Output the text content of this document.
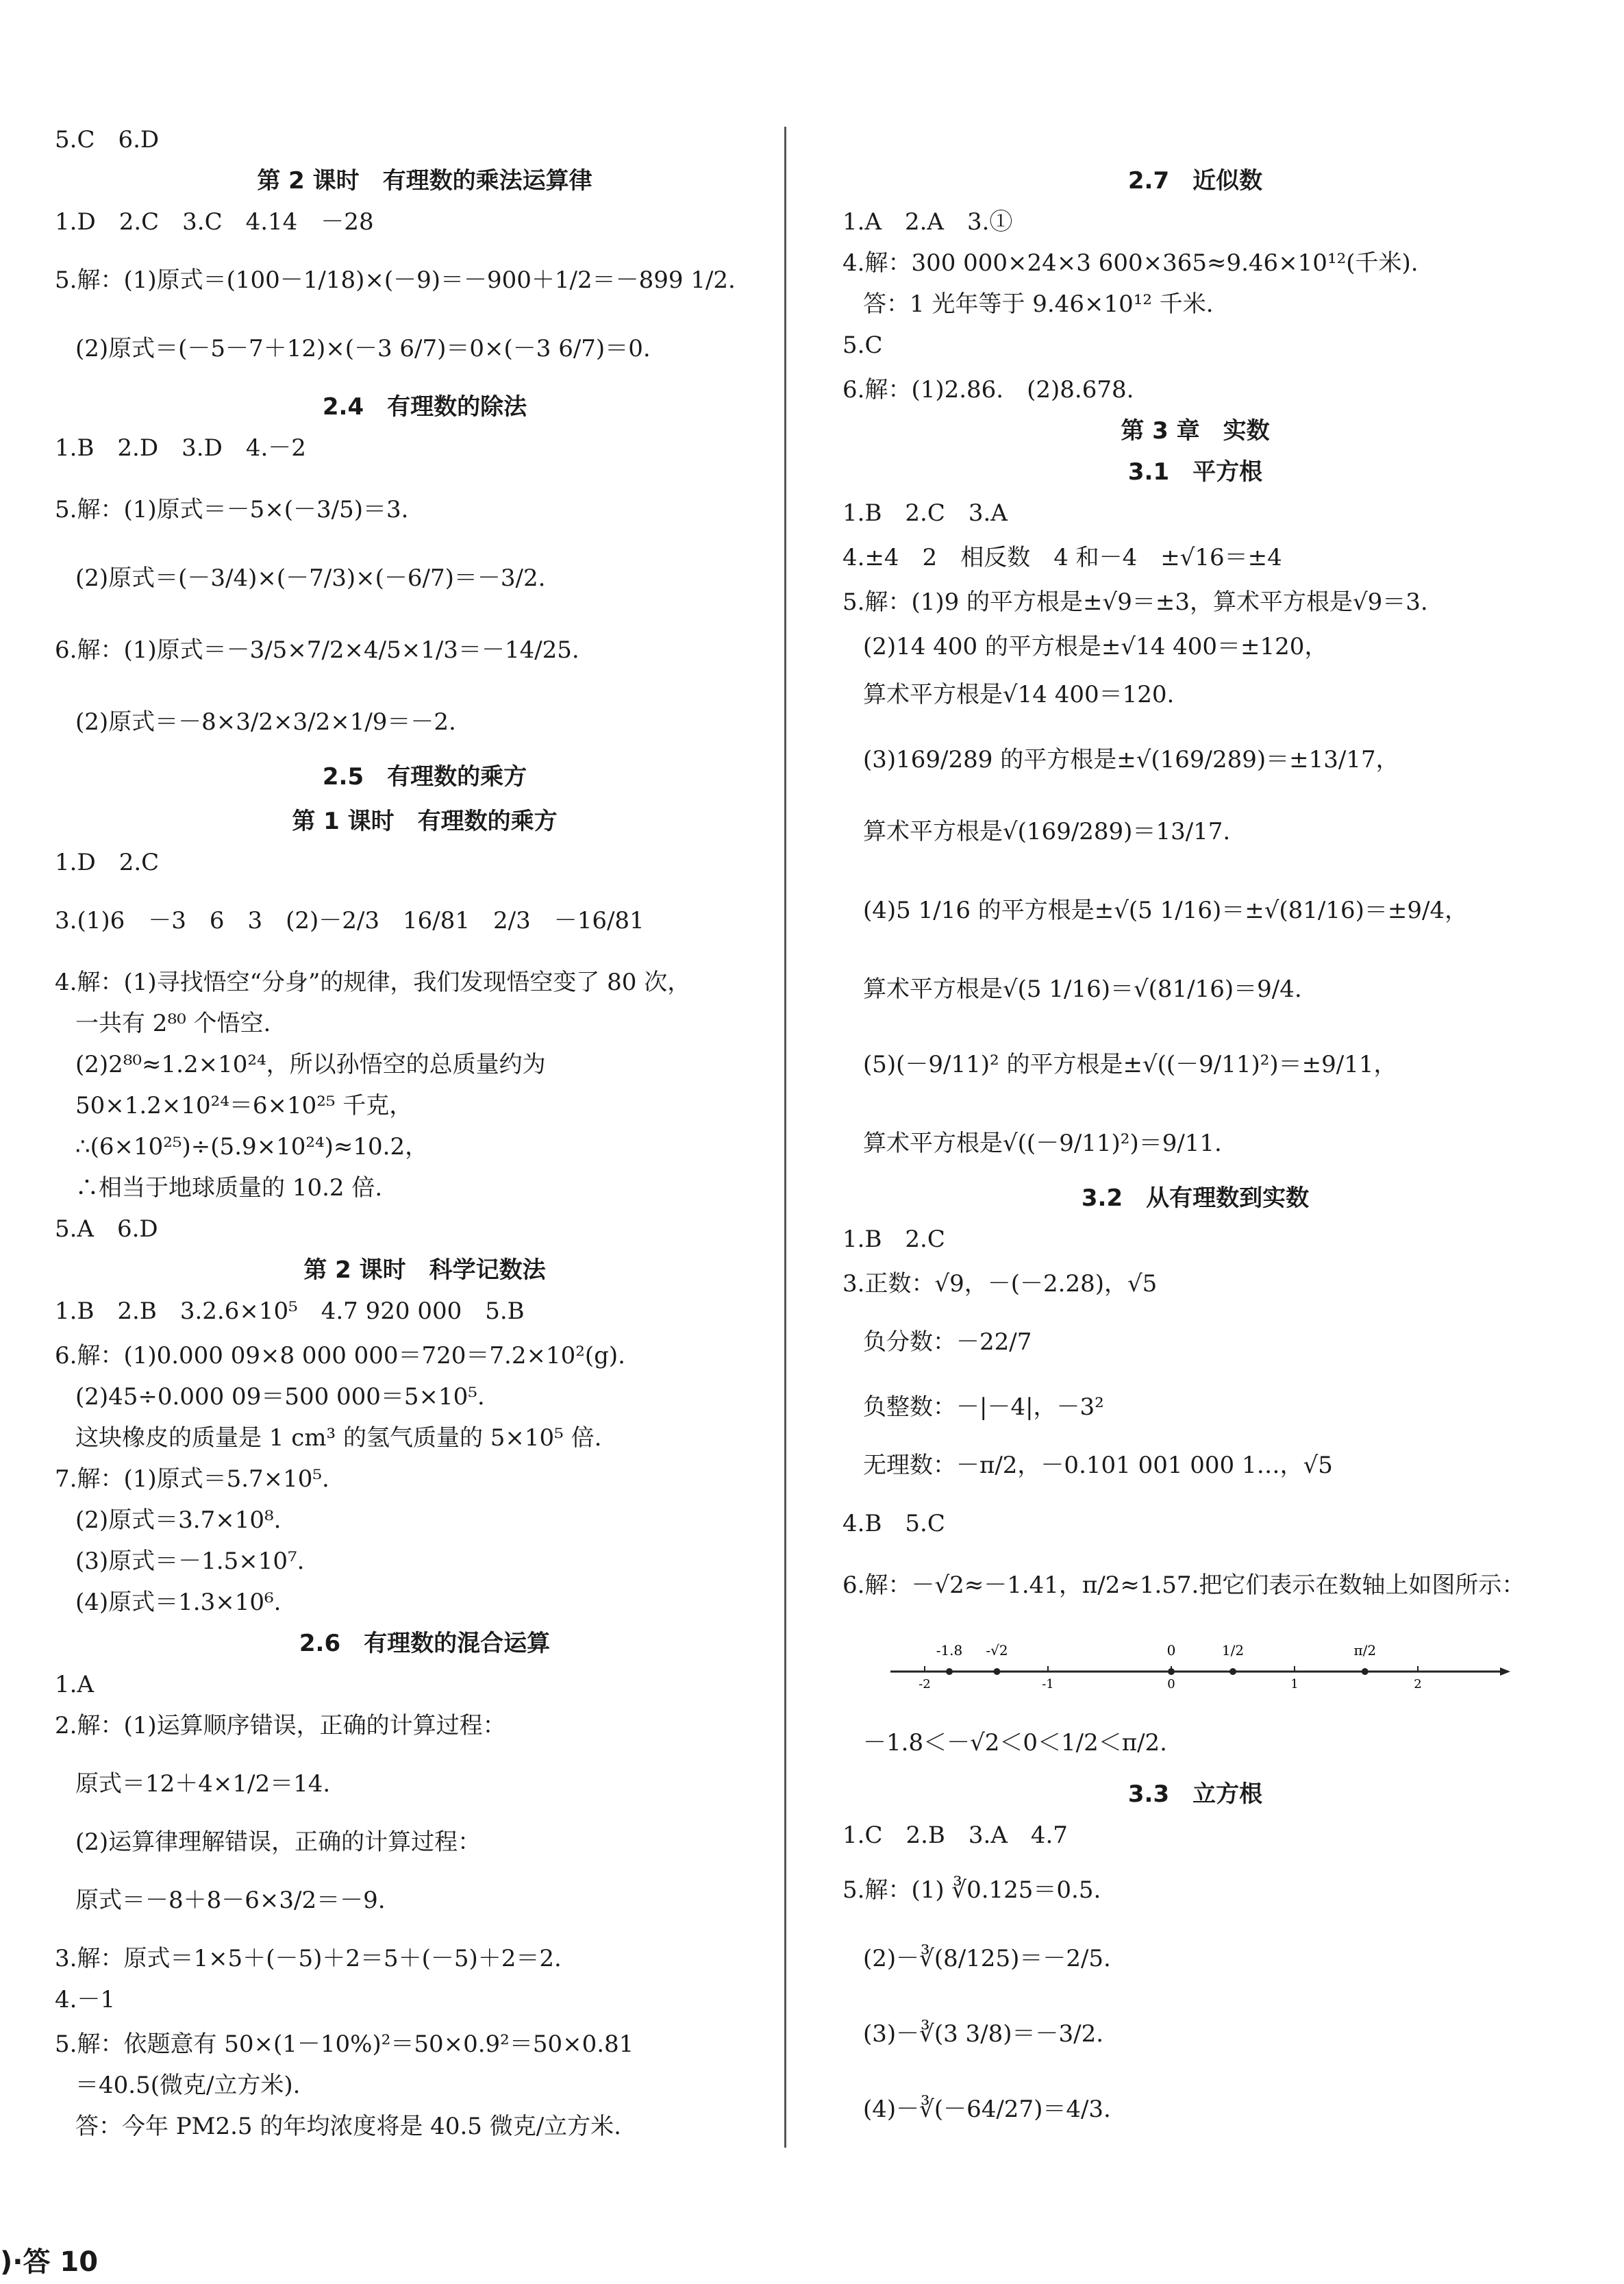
-2	-1	0	1	2
-1.8 -√2	0	1/2	π/2
)·答 10
5.C　6.D
第 2 课时　有理数的乘法运算律
1.D　2.C　3.C　4.14　－28
5.解：(1)原式＝(100－1/18)×(－9)＝－900＋1/2＝－899 1/2.
(2)原式＝(－5－7＋12)×(－3 6/7)＝0×(－3 6/7)＝0.
2.4　有理数的除法
1.B　2.D　3.D　4.－2
5.解：(1)原式＝－5×(－3/5)＝3.
(2)原式＝(－3/4)×(－7/3)×(－6/7)＝－3/2.
6.解：(1)原式＝－3/5×7/2×4/5×1/3＝－14/25.
(2)原式＝－8×3/2×3/2×1/9＝－2.
2.5　有理数的乘方
第 1 课时　有理数的乘方
1.D　2.C
3.(1)6　－3　6　3　(2)－2/3　16/81　2/3　－16/81
4.解：(1)寻找悟空“分身”的规律，我们发现悟空变了 80 次，
一共有 2⁸⁰ 个悟空.
(2)2⁸⁰≈1.2×10²⁴，所以孙悟空的总质量约为
50×1.2×10²⁴＝6×10²⁵ 千克，
∴(6×10²⁵)÷(5.9×10²⁴)≈10.2，
∴相当于地球质量的 10.2 倍.
5.A　6.D
第 2 课时　科学记数法
1.B　2.B　3.2.6×10⁵　4.7 920 000　5.B
6.解：(1)0.000 09×8 000 000＝720＝7.2×10²(g).
(2)45÷0.000 09＝500 000＝5×10⁵.
这块橡皮的质量是 1 cm³ 的氢气质量的 5×10⁵ 倍.
7.解：(1)原式＝5.7×10⁵.
(2)原式＝3.7×10⁸.
(3)原式＝－1.5×10⁷.
(4)原式＝1.3×10⁶.
2.6　有理数的混合运算
1.A
2.解：(1)运算顺序错误，正确的计算过程：
原式＝12＋4×1/2＝14.
(2)运算律理解错误，正确的计算过程：
原式＝－8＋8－6×3/2＝－9.
3.解：原式＝1×5＋(－5)＋2＝5＋(－5)＋2＝2.
4.－1
5.解：依题意有 50×(1－10%)²＝50×0.9²＝50×0.81
＝40.5(微克/立方米).
答：今年 PM2.5 的年均浓度将是 40.5 微克/立方米.
2.7　近似数
1.A　2.A　3.①
4.解：300 000×24×3 600×365≈9.46×10¹²(千米).
答：1 光年等于 9.46×10¹² 千米.
5.C
6.解：(1)2.86.　(2)8.678.
第 3 章　实数
3.1　平方根
1.B　2.C　3.A
4.±4　2　相反数　4 和－4　±√16＝±4
5.解：(1)9 的平方根是±√9＝±3，算术平方根是√9＝3.
(2)14 400 的平方根是±√14 400＝±120，
算术平方根是√14 400＝120.
(3)169/289 的平方根是±√(169/289)＝±13/17，
算术平方根是√(169/289)＝13/17.
(4)5 1/16 的平方根是±√(5 1/16)＝±√(81/16)＝±9/4，
算术平方根是√(5 1/16)＝√(81/16)＝9/4.
(5)(－9/11)² 的平方根是±√((－9/11)²)＝±9/11，
算术平方根是√((－9/11)²)＝9/11.
3.2　从有理数到实数
1.B　2.C
3.正数：√9，－(－2.28)，√5
负分数：－22/7
负整数：－|－4|，－3²
无理数：－π/2，－0.101 001 000 1…，√5
4.B　5.C
6.解：－√2≈－1.41，π/2≈1.57.把它们表示在数轴上如图所示：
－1.8＜－√2＜0＜1/2＜π/2.
3.3　立方根
1.C　2.B　3.A　4.7
5.解：(1) ∛0.125＝0.5.
(2)－∛(8/125)＝－2/5.
(3)－∛(3 3/8)＝－3/2.
(4)－∛(－64/27)＝4/3.
